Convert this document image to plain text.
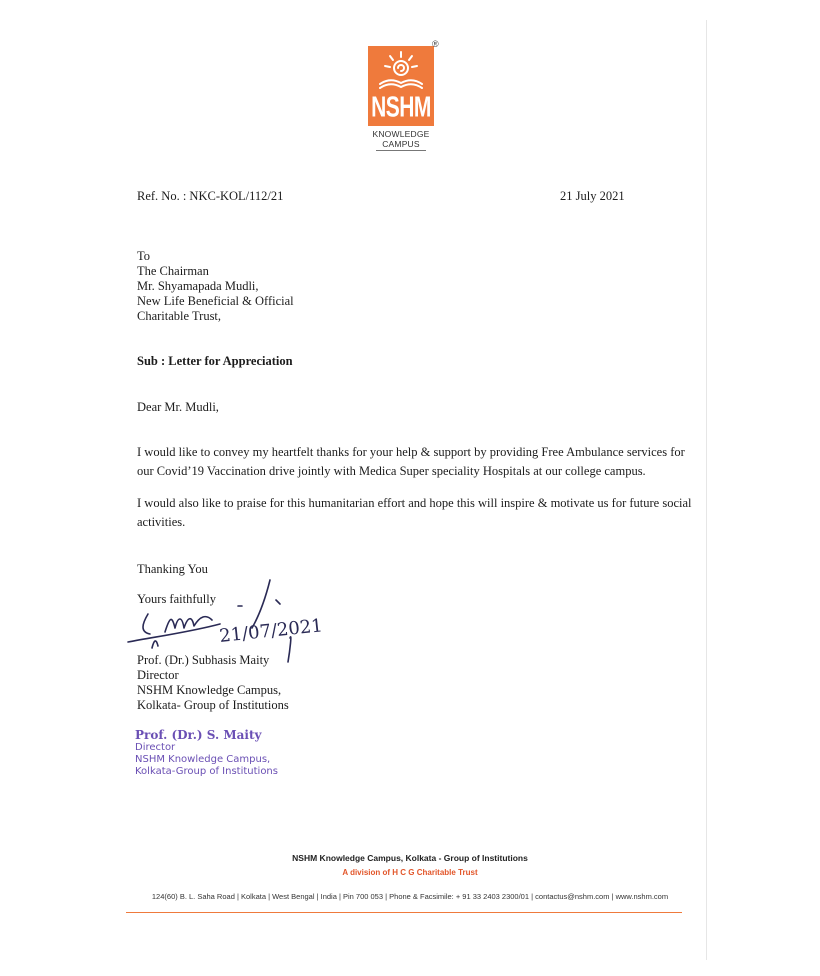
NSHM
®
KNOWLEDGE
CAMPUS
Ref. No. : NKC-KOL/112/21	21 July 2021
To
The Chairman
Mr. Shyamapada Mudli,
New Life Beneficial & Official
Charitable Trust,
Sub : Letter for Appreciation
Dear Mr. Mudli,
I would like to convey my heartfelt thanks for your help & support by providing Free Ambulance services for our Covid’19 Vaccination drive jointly with Medica Super speciality Hospitals at our college campus.
I would also like to praise for this humanitarian effort and hope this will inspire & motivate us for future social activities.
Thanking You
Yours faithfully
21/07/2021
Prof. (Dr.) Subhasis Maity
Director
NSHM Knowledge Campus,
Kolkata- Group of Institutions
Prof. (Dr.) S. Maity
Director
NSHM Knowledge Campus,
Kolkata-Group of Institutions
NSHM Knowledge Campus, Kolkata - Group of Institutions
A division of H C G Charitable Trust
124(60) B. L. Saha Road | Kolkata | West Bengal | India | Pin 700 053 | Phone & Facsimile: + 91 33 2403 2300/01 | contactus@nshm.com | www.nshm.com
